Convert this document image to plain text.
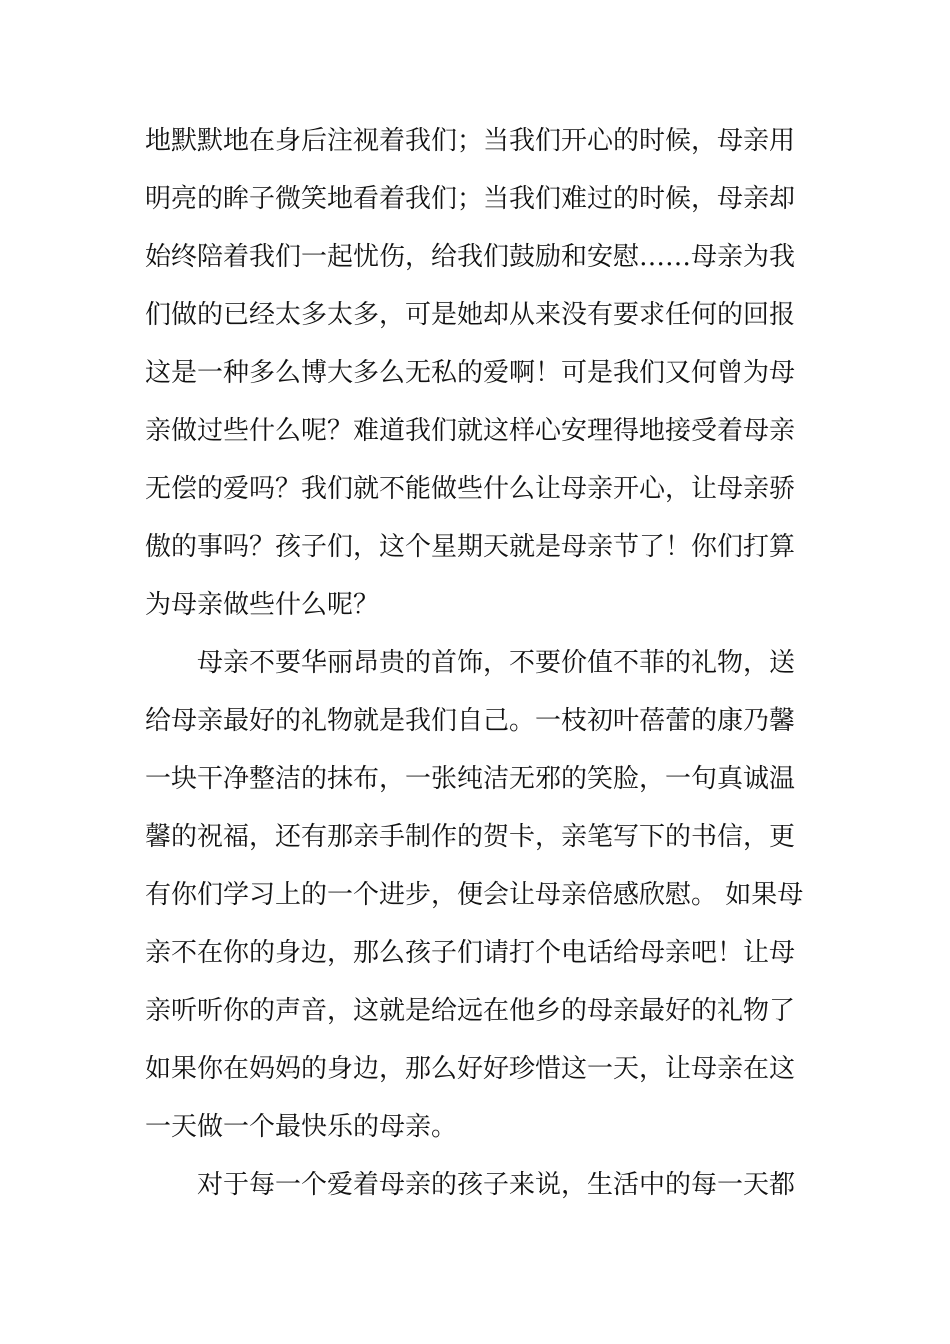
地默默地在身后注视着我们；当我们开心的时候，母亲用
明亮的眸子微笑地看着我们；当我们难过的时候，母亲却
始终陪着我们一起忧伤，给我们鼓励和安慰……母亲为我
们做的已经太多太多，可是她却从来没有要求任何的回报
这是一种多么博大多么无私的爱啊！可是我们又何曾为母
亲做过些什么呢？难道我们就这样心安理得地接受着母亲
无偿的爱吗？我们就不能做些什么让母亲开心，让母亲骄
傲的事吗？孩子们，这个星期天就是母亲节了！你们打算
为母亲做些什么呢？
　　母亲不要华丽昂贵的首饰，不要价值不菲的礼物，送
给母亲最好的礼物就是我们自己。一枝初叶蓓蕾的康乃馨
一块干净整洁的抹布，一张纯洁无邪的笑脸，一句真诚温
馨的祝福，还有那亲手制作的贺卡，亲笔写下的书信，更
有你们学习上的一个进步，便会让母亲倍感欣慰。 如果母
亲不在你的身边，那么孩子们请打个电话给母亲吧！让母
亲听听你的声音，这就是给远在他乡的母亲最好的礼物了
如果你在妈妈的身边，那么好好珍惜这一天，让母亲在这
一天做一个最快乐的母亲。
　　对于每一个爱着母亲的孩子来说，生活中的每一天都
